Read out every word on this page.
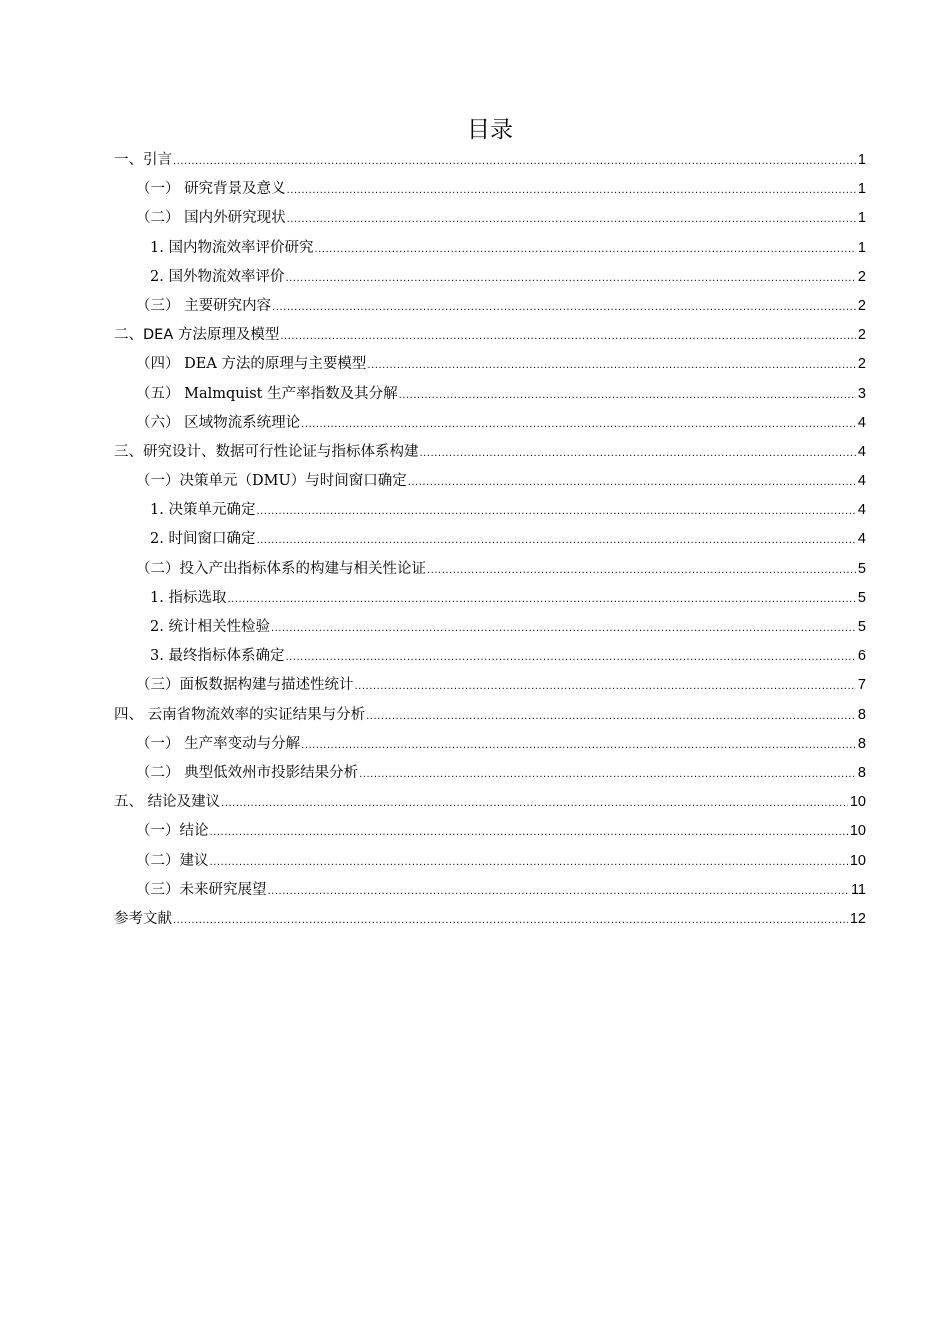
目录
一、引言 .....	1
（一） 研究背景及意义 .....	1
（二） 国内外研究现状 .....	1
1. 国内物流效率评价研究 .....	1
2. 国外物流效率评价 .....	2
（三） 主要研究内容 .....	2
二、DEA 方法原理及模型 .....	2
（四） DEA 方法的原理与主要模型 .....	2
（五） Malmquist 生产率指数及其分解 .....	3
（六） 区域物流系统理论 .....	4
三、研究设计、数据可行性论证与指标体系构建 .....	4
（一）决策单元（DMU）与时间窗口确定 .....	4
1. 决策单元确定 .....	4
2. 时间窗口确定 .....	4
（二）投入产出指标体系的构建与相关性论证 .....	5
1. 指标选取 .....	5
2. 统计相关性检验 .....	5
3. 最终指标体系确定 .....	6
（三）面板数据构建与描述性统计 .....	7
四、 云南省物流效率的实证结果与分析 .....	8
（一） 生产率变动与分解 .....	8
（二） 典型低效州市投影结果分析 .....	8
五、 结论及建议 .....	10
（一）结论 .....	10
（二）建议 .....	10
（三）未来研究展望 .....	11
参考文献 .....	12
